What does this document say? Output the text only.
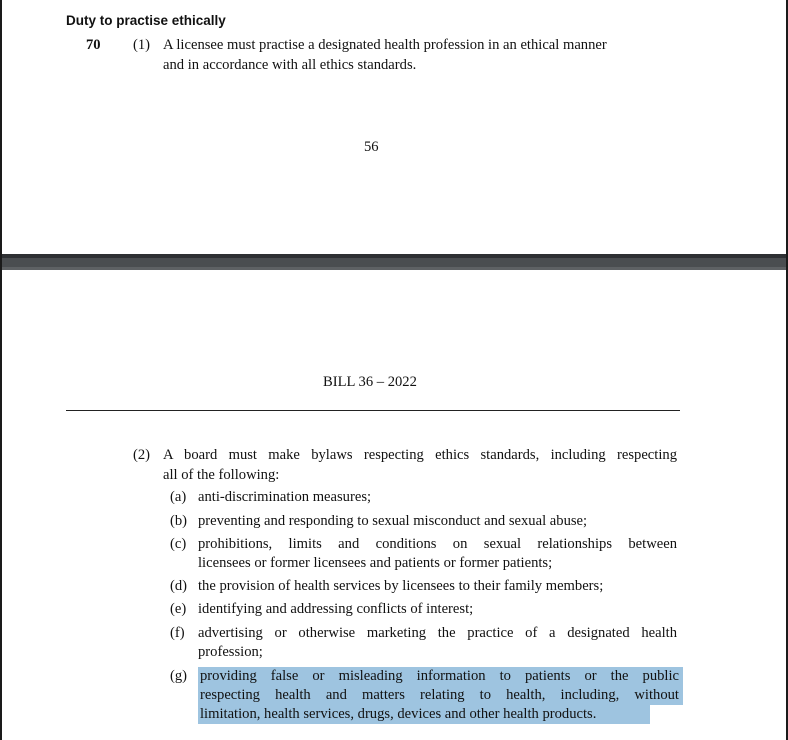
Duty to practise ethically
70 (1) A licensee must practise a designated health profession in an ethical manner
and in accordance with all ethics standards.
56
BILL 36 – 2022
(2) A board must make bylaws respecting ethics standards, including respecting
all of the following:
(a) anti-discrimination measures;
(b) preventing and responding to sexual misconduct and sexual abuse;
(c) prohibitions, limits and conditions on sexual relationships between
licensees or former licensees and patients or former patients;
(d) the provision of health services by licensees to their family members;
(e) identifying and addressing conflicts of interest;
(f) advertising or otherwise marketing the practice of a designated health
profession;
(g) providing false or misleading information to patients or the public
respecting health and matters relating to health, including, without
limitation, health services, drugs, devices and other health products.
